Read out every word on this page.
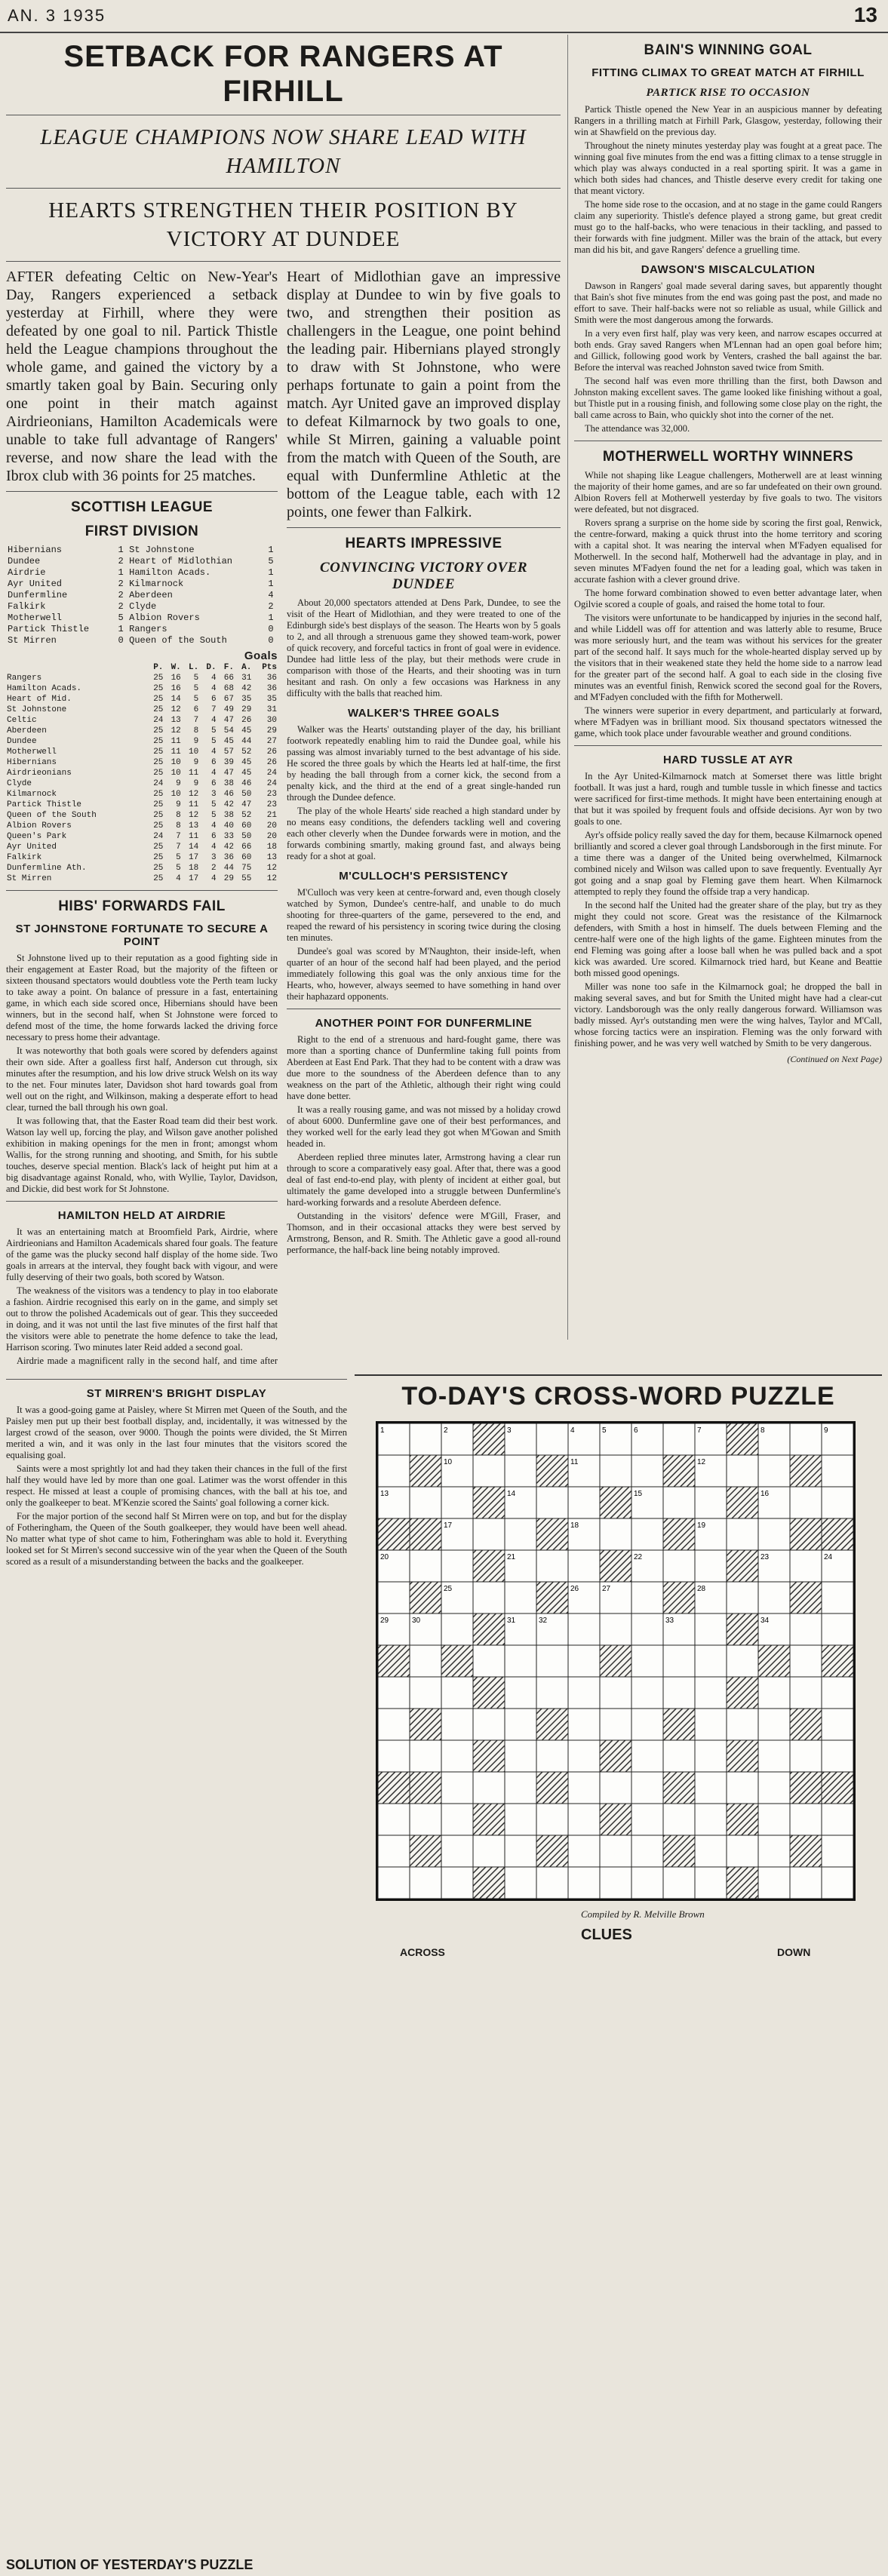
AN. 3 1935	13
SETBACK FOR RANGERS AT FIRHILL
LEAGUE CHAMPIONS NOW SHARE LEAD WITH HAMILTON
HEARTS STRENGTHEN THEIR POSITION BY VICTORY AT DUNDEE

AFTER defeating Celtic on New-Year's Day, Rangers experienced a setback yesterday at Firhill, where they were defeated by one goal to nil. Partick Thistle held the League champions throughout the whole game, and gained the victory by a smartly taken goal by Bain. Securing only one point in their match against Airdrieonians, Hamilton Academicals were unable to take full advantage of Rangers' reverse, and now share the lead with the Ibrox club with 36 points for 25 matches.

SCOTTISH LEAGUE
FIRST DIVISION
Hibernians	1	St Johnstone	1
Dundee	2	Heart of Midlothian	5
Airdrie	1	Hamilton Acads.	1
Ayr United	2	Kilmarnock	1
Dunfermline	2	Aberdeen	4
Falkirk	2	Clyde	2
Motherwell	5	Albion Rovers	1
Partick Thistle	1	Rangers	0
St Mirren	0	Queen of the South	0
Goals
	P.	W.	L.	D.	F.	A.	Pts
Rangers	25	16	5	4	66	31	36
Hamilton Acads.	25	16	5	4	68	42	36
Heart of Mid.	25	14	5	6	67	35	35
St Johnstone	25	12	6	7	49	29	31
Celtic	24	13	7	4	47	26	30
Aberdeen	25	12	8	5	54	45	29
Dundee	25	11	9	5	45	44	27
Motherwell	25	11	10	4	57	52	26
Hibernians	25	10	9	6	39	45	26
Airdrieonians	25	10	11	4	47	45	24
Clyde	24	9	9	6	38	46	24
Kilmarnock	25	10	12	3	46	50	23
Partick Thistle	25	9	11	5	42	47	23
Queen of the South	25	8	12	5	38	52	21
Albion Rovers	25	8	13	4	40	60	20
Queen's Park	24	7	11	6	33	50	20
Ayr United	25	7	14	4	42	66	18
Falkirk	25	5	17	3	36	60	13
Dunfermline Ath.	25	5	18	2	44	75	12
St Mirren	25	4	17	4	29	55	12
HIBS' FORWARDS FAIL
ST JOHNSTONE FORTUNATE TO SECURE A POINT

St Johnstone lived up to their reputation as a good fighting side in their engagement at Easter Road, but the majority of the fifteen or sixteen thousand spectators would doubtless vote the Perth team lucky to take away a point. On balance of pressure in a fast, entertaining game, in which each side scored once, Hibernians should have been winners, but in the second half, when St Johnstone were forced to defend most of the time, the home forwards lacked the driving force necessary to press home their advantage.

It was noteworthy that both goals were scored by defenders against their own side. After a goalless first half, Anderson cut through, six minutes after the resumption, and his low drive struck Welsh on its way to the net. Four minutes later, Davidson shot hard towards goal from well out on the right, and Wilkinson, making a desperate effort to head clear, turned the ball through his own goal.

It was following that, that the Easter Road team did their best work. Watson lay well up, forcing the play, and Wilson gave another polished exhibition in making openings for the men in front; amongst whom Wallis, for the strong running and shooting, and Smith, for his subtle touches, deserve special mention. Black's lack of height put him at a big disadvantage against Ronald, who, with Wyllie, Taylor, Davidson, and Dickie, did best work for St Johnstone.

HAMILTON HELD AT AIRDRIE

It was an entertaining match at Broomfield Park, Airdrie, where Airdrieonians and Hamilton Academicals shared four goals. The feature of the game was the plucky second half display of the home side. Two goals in arrears at the interval, they fought back with vigour, and were fully deserving of their two goals, both scored by Watson.

The weakness of the visitors was a tendency to play in too elaborate a fashion. Airdrie recognised this early on in the game, and simply set out to throw the polished Academicals out of gear. This they succeeded in doing, and it was not until the last five minutes of the first half that the visitors were able to penetrate the home defence to take the lead, Harrison scoring. Two minutes later Reid added a second goal.

Airdrie made a magnificent rally in the second half, and time after

Heart of Midlothian gave an impressive display at Dundee to win by five goals to two, and strengthen their position as challengers in the League, one point behind the leading pair. Hibernians played strongly to draw with St Johnstone, who were perhaps fortunate to gain a point from the match. Ayr United gave an improved display to defeat Kilmarnock by two goals to one, while St Mirren, gaining a valuable point from the match with Queen of the South, are equal with Dunfermline Athletic at the bottom of the League table, each with 12 points, one fewer than Falkirk.

HEARTS IMPRESSIVE
CONVINCING VICTORY OVER DUNDEE

About 20,000 spectators attended at Dens Park, Dundee, to see the visit of the Heart of Midlothian, and they were treated to one of the Edinburgh side's best displays of the season. The Hearts won by 5 goals to 2, and all through a strenuous game they showed team-work, power of quick recovery, and forceful tactics in front of goal were in evidence. Dundee had little less of the play, but their methods were crude in comparison with those of the Hearts, and their shooting was in turn hesitant and rash. On only a few occasions was Harkness in any difficulty with the balls that reached him.

WALKER'S THREE GOALS

Walker was the Hearts' outstanding player of the day, his brilliant footwork repeatedly enabling him to raid the Dundee goal, while his passing was almost invariably turned to the best advantage of his side. He scored the three goals by which the Hearts led at half-time, the first by heading the ball through from a corner kick, the second from a penalty kick, and the third at the end of a great single-handed run through the Dundee defence.

The play of the whole Hearts' side reached a high standard under by no means easy conditions, the defenders tackling well and covering each other cleverly when the Dundee forwards were in motion, and the forwards combining smartly, making ground fast, and always being ready for a shot at goal.

M'CULLOCH'S PERSISTENCY

M'Culloch was very keen at centre-forward and, even though closely watched by Symon, Dundee's centre-half, and unable to do much shooting for three-quarters of the game, persevered to the end, and reaped the reward of his persistency in scoring twice during the closing ten minutes.

Dundee's goal was scored by M'Naughton, their inside-left, when quarter of an hour of the second half had been played, and the period immediately following this goal was the only anxious time for the Hearts, who, however, always seemed to have something in hand over their haphazard opponents.

ANOTHER POINT FOR DUNFERMLINE

Right to the end of a strenuous and hard-fought game, there was more than a sporting chance of Dunfermline taking full points from Aberdeen at East End Park. That they had to be content with a draw was due more to the soundness of the Aberdeen defence than to any weakness on the part of the Athletic, although their right wing could have done better.

It was a really rousing game, and was not missed by a holiday crowd of about 6000. Dunfermline gave one of their best performances, and they worked well for the early lead they got when M'Gowan and Smith headed in.

Aberdeen replied three minutes later, Armstrong having a clear run through to score a comparatively easy goal. After that, there was a good deal of fast end-to-end play, with plenty of incident at either goal, but ultimately the game developed into a struggle between Dunfermline's hard-working forwards and a resolute Aberdeen defence.

Outstanding in the visitors' defence were M'Gill, Fraser, and Thomson, and in their occasional attacks they were best served by Armstrong, Benson, and R. Smith. The Athletic gave a good all-round performance, the half-back line being notably improved.

ST MIRREN'S BRIGHT DISPLAY

It was a good-going game at Paisley, where St Mirren met Queen of the South, and the Paisley men put up their best football display, and, incidentally, it was witnessed by the largest crowd of the season, over 9000. Though the points were divided, the St Mirren merited a win, and it was only in the last four minutes that the visitors scored the equalising goal.

Saints were a most sprightly lot and had they taken their chances in the full of the first half they would have led by more than one goal. Latimer was the worst offender in this respect. He missed at least a couple of promising chances, with the ball at his toe, and only the goalkeeper to beat. M'Kenzie scored the Saints' goal following a corner kick.

For the major portion of the second half St Mirren were on top, and but for the display of Fotheringham, the Queen of the South goalkeeper, they would have been well ahead. No matter what type of shot came to him, Fotheringham was able to hold it. Everything looked set for St Mirren's second successive win of the year when the Queen of the South scored as a result of a misunderstanding between the backs and the goalkeeper.

BAIN'S WINNING GOAL
FITTING CLIMAX TO GREAT MATCH AT FIRHILL
PARTICK RISE TO OCCASION

Partick Thistle opened the New Year in an auspicious manner by defeating Rangers in a thrilling match at Firhill Park, Glasgow, yesterday, following their win at Shawfield on the previous day.

Throughout the ninety minutes yesterday play was fought at a great pace. The winning goal five minutes from the end was a fitting climax to a tense struggle in which play was always conducted in a real sporting spirit. It was a game in which both sides had chances, and Thistle deserve every credit for taking one that meant victory.

The home side rose to the occasion, and at no stage in the game could Rangers claim any superiority. Thistle's defence played a strong game, but great credit must go to the half-backs, who were tenacious in their tackling, and passed to their forwards with fine judgment. Miller was the brain of the attack, but every man did his bit, and gave Rangers' defence a gruelling time.

DAWSON'S MISCALCULATION

Dawson in Rangers' goal made several daring saves, but apparently thought that Bain's shot five minutes from the end was going past the post, and made no effort to save. Their half-backs were not so reliable as usual, while Gillick and Smith were the most dangerous among the forwards.

In a very even first half, play was very keen, and narrow escapes occurred at both ends. Gray saved Rangers when M'Lennan had an open goal before him; and Gillick, following good work by Venters, crashed the ball against the bar. Before the interval was reached Johnston saved twice from Smith.

The second half was even more thrilling than the first, both Dawson and Johnston making excellent saves. The game looked like finishing without a goal, but Thistle put in a rousing finish, and following some close play on the right, the ball came across to Bain, who quickly shot into the corner of the net.

The attendance was 32,000.

MOTHERWELL WORTHY WINNERS

While not shaping like League challengers, Motherwell are at least winning the majority of their home games, and are so far undefeated on their own ground. Albion Rovers fell at Motherwell yesterday by five goals to two. The visitors were defeated, but not disgraced.

Rovers sprang a surprise on the home side by scoring the first goal, Renwick, the centre-forward, making a quick thrust into the home territory and scoring with a capital shot. It was nearing the interval when M'Fadyen equalised for Motherwell. In the second half, Motherwell had the advantage in play, and in seven minutes M'Fadyen found the net for a leading goal, which was taken in accurate fashion with a clever ground drive.

The home forward combination showed to even better advantage later, when Ogilvie scored a couple of goals, and raised the home total to four.

The visitors were unfortunate to be handicapped by injuries in the second half, and while Liddell was off for attention and was latterly able to resume, Bruce was more seriously hurt, and the team was without his services for the greater part of the second half. It says much for the whole-hearted display served up by the visitors that in their weakened state they held the home side to a narrow lead for the greater part of the second half. A goal to each side in the closing five minutes was an eventful finish, Renwick scored the second goal for the Rovers, and M'Fadyen concluded with the fifth for Motherwell.

The winners were superior in every department, and particularly at forward, where M'Fadyen was in brilliant mood. Six thousand spectators witnessed the game, which took place under favourable weather and ground conditions.

HARD TUSSLE AT AYR

In the Ayr United-Kilmarnock match at Somerset there was little bright football. It was just a hard, rough and tumble tussle in which finesse and tactics were sacrificed for first-time methods. It might have been entertaining enough at that but it was spoiled by frequent fouls and offside decisions. Ayr won by two goals to one.

Ayr's offside policy really saved the day for them, because Kilmarnock opened brilliantly and scored a clever goal through Landsborough in the first minute. For a time there was a danger of the United being overwhelmed, Kilmarnock combined nicely and Wilson was called upon to save frequently. Eventually Ayr got going and a snap goal by Fleming gave them heart. When Kilmarnock attempted to reply they found the offside trap a very handicap.

In the second half the United had the greater share of the play, but try as they might they could not score. Great was the resistance of the Kilmarnock defenders, with Smith a host in himself. The duels between Fleming and the centre-half were one of the high lights of the game. Eighteen minutes from the end Fleming was going after a loose ball when he was pulled back and a spot kick was awarded. Ure scored. Kilmarnock tried hard, but Keane and Beattie both missed good openings.

Miller was none too safe in the Kilmarnock goal; he dropped the ball in making several saves, and but for Smith the United might have had a clear-cut victory. Landsborough was the only really dangerous forward. Williamson was badly missed. Ayr's outstanding men were the wing halves, Taylor and M'Call, whose forcing tactics were an inspiration. Fleming was the only forward with finishing power, and he was very well watched by Smith to be very dangerous.

(Continued on Next Page)
TO-DAY'S CROSS-WORD PUZZLE
1	2	3	4	5	6	7	8	9
10	11	12
13	14	15	16
17	18	19
20	21	22	23	24
25	26	27	28
29	30	31	32	33	34
Compiled by R. Melville Brown
CLUES
ACROSS	DOWN
SOLUTION OF YESTERDAY'S PUZZLE
